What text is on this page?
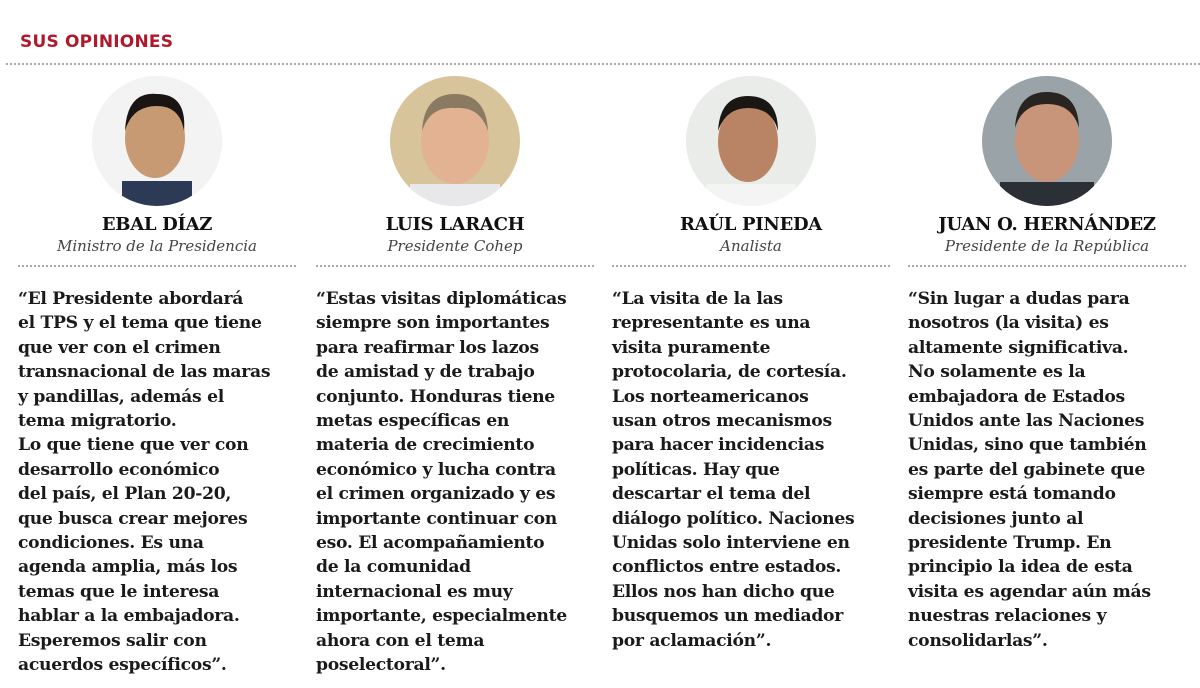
SUS OPINIONES
EBAL DÍAZ
Ministro de la Presidencia
“El Presidente abordará
el TPS y el tema que tiene
que ver con el crimen
transnacional de las maras
y pandillas, además el
tema migratorio.
Lo que tiene que ver con
desarrollo económico
del país, el Plan 20-20,
que busca crear mejores
condiciones. Es una
agenda amplia, más los
temas que le interesa
hablar a la embajadora.
Esperemos salir con
acuerdos específicos”.
LUIS LARACH
Presidente Cohep
“Estas visitas diplomáticas
siempre son importantes
para reafirmar los lazos
de amistad y de trabajo
conjunto. Honduras tiene
metas específicas en
materia de crecimiento
económico y lucha contra
el crimen organizado y es
importante continuar con
eso. El acompañamiento
de la comunidad
internacional es muy
importante, especialmente
ahora con el tema
poselectoral”.
RAÚL PINEDA
Analista
“La visita de la las
representante es una
visita puramente
protocolaria, de cortesía.
Los norteamericanos
usan otros mecanismos
para hacer incidencias
políticas. Hay que
descartar el tema del
diálogo político. Naciones
Unidas solo interviene en
conflictos entre estados.
Ellos nos han dicho que
busquemos un mediador
por aclamación”.
JUAN O. HERNÁNDEZ
Presidente de la República
“Sin lugar a dudas para
nosotros (la visita) es
altamente significativa.
No solamente es la
embajadora de Estados
Unidos ante las Naciones
Unidas, sino que también
es parte del gabinete que
siempre está tomando
decisiones junto al
presidente Trump. En
principio la idea de esta
visita es agendar aún más
nuestras relaciones y
consolidarlas”.
